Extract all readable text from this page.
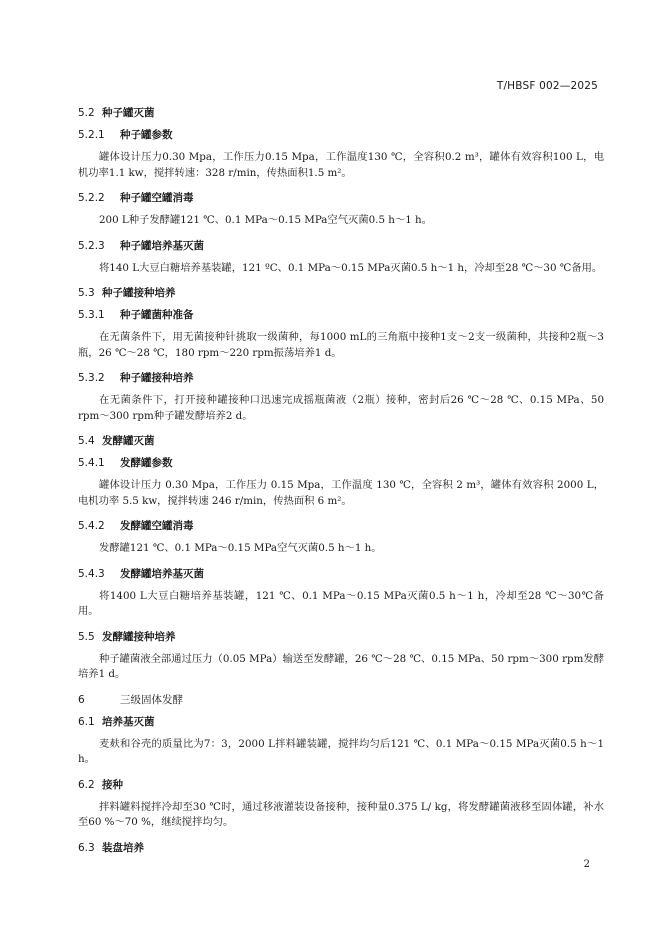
T/HBSF 002—2025
5.2 种子罐灭菌
5.2.1 种子罐参数

罐体设计压力0.30 Mpa，工作压力0.15 Mpa，工作温度130 ℃，全容积0.2 m³，罐体有效容积100 L，电机功率1.1 kw，搅拌转速：328 r/min，传热面积1.5 m²。

5.2.2 种子罐空罐消毒

200 L种子发酵罐121 ℃、0.1 MPa～0.15 MPa空气灭菌0.5 h～1 h。

5.2.3 种子罐培养基灭菌

将140 L大豆白糖培养基装罐，121 ºC、0.1 MPa～0.15 MPa灭菌0.5 h～1 h，冷却至28 ℃～30 ℃备用。

5.3 种子罐接种培养
5.3.1 种子罐菌种准备

在无菌条件下，用无菌接种针挑取一级菌种，每1000 mL的三角瓶中接种1支～2支一级菌种，共接种2瓶～3瓶，26 ℃～28 ℃，180 rpm～220 rpm振荡培养1 d。

5.3.2 种子罐接种培养

在无菌条件下，打开接种罐接种口迅速完成摇瓶菌液（2瓶）接种，密封后26 ℃～28 ℃、0.15 MPa、50 rpm～300 rpm种子罐发酵培养2 d。

5.4 发酵罐灭菌
5.4.1 发酵罐参数

罐体设计压力 0.30 Mpa，工作压力 0.15 Mpa，工作温度 130 ℃，全容积 2 m³，罐体有效容积 2000 L，电机功率 5.5 kw，搅拌转速 246 r/min，传热面积 6 m²。

5.4.2 发酵罐空罐消毒

发酵罐121 ℃、0.1 MPa～0.15 MPa空气灭菌0.5 h～1 h。

5.4.3 发酵罐培养基灭菌

将1400 L大豆白糖培养基装罐，121 ℃、0.1 MPa～0.15 MPa灭菌0.5 h～1 h，冷却至28 ℃～30℃备用。

5.5 发酵罐接种培养

种子罐菌液全部通过压力（0.05 MPa）输送至发酵罐，26 ℃～28 ℃、0.15 MPa、50 rpm～300 rpm发酵培养1 d。

6	三级固体发酵
6.1 培养基灭菌

麦麸和谷壳的质量比为7：3，2000 L拌料罐装罐，搅拌均匀后121 ℃、0.1 MPa～0.15 MPa灭菌0.5 h～1 h。

6.2 接种

拌料罐料搅拌冷却至30 ℃时，通过移液灌装设备接种，接种量0.375 L/ kg，将发酵罐菌液移至固体罐，补水至60 %～70 %，继续搅拌均匀。

6.3 装盘培养
2
